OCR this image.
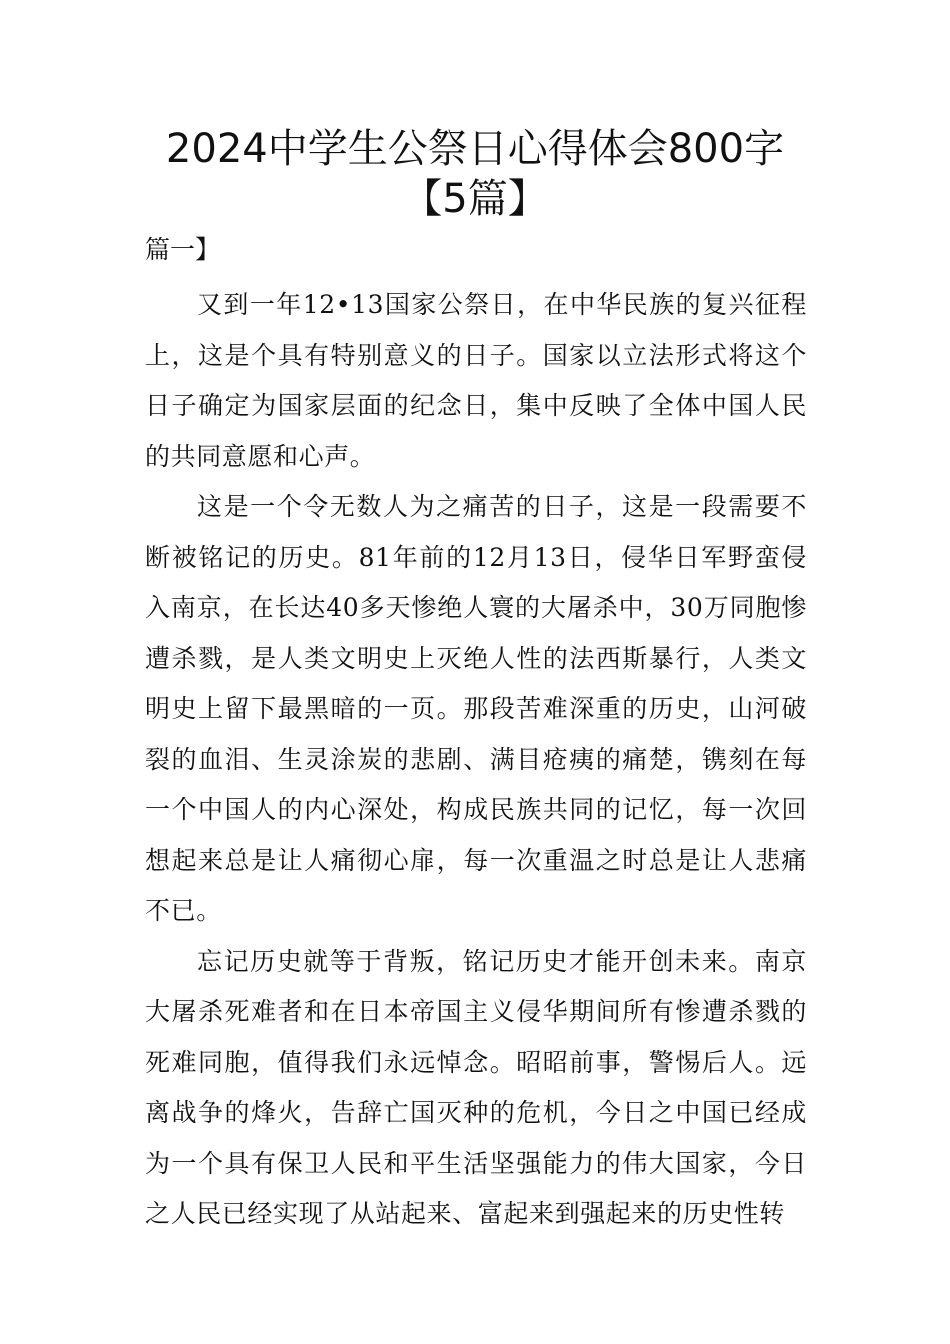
2024中学生公祭日心得体会800字【5篇】
篇一】

又到一年12•13国家公祭日，在中华民族的复兴征程上，这是个具有特别意义的日子。国家以立法形式将这个日子确定为国家层面的纪念日，集中反映了全体中国人民的共同意愿和心声。

这是一个令无数人为之痛苦的日子，这是一段需要不断被铭记的历史。81年前的12月13日，侵华日军野蛮侵入南京，在长达40多天惨绝人寰的大屠杀中，30万同胞惨遭杀戮，是人类文明史上灭绝人性的法西斯暴行，人类文明史上留下最黑暗的一页。那段苦难深重的历史，山河破裂的血泪、生灵涂炭的悲剧、满目疮痍的痛楚，镌刻在每一个中国人的内心深处，构成民族共同的记忆，每一次回想起来总是让人痛彻心扉，每一次重温之时总是让人悲痛不已。

忘记历史就等于背叛，铭记历史才能开创未来。南京大屠杀死难者和在日本帝国主义侵华期间所有惨遭杀戮的死难同胞，值得我们永远悼念。昭昭前事，警惕后人。远离战争的烽火，告辞亡国灭种的危机，今日之中国已经成为一个具有保卫人民和平生活坚强能力的伟大国家，今日之人民已经实现了从站起来、富起来到强起来的历史性转
